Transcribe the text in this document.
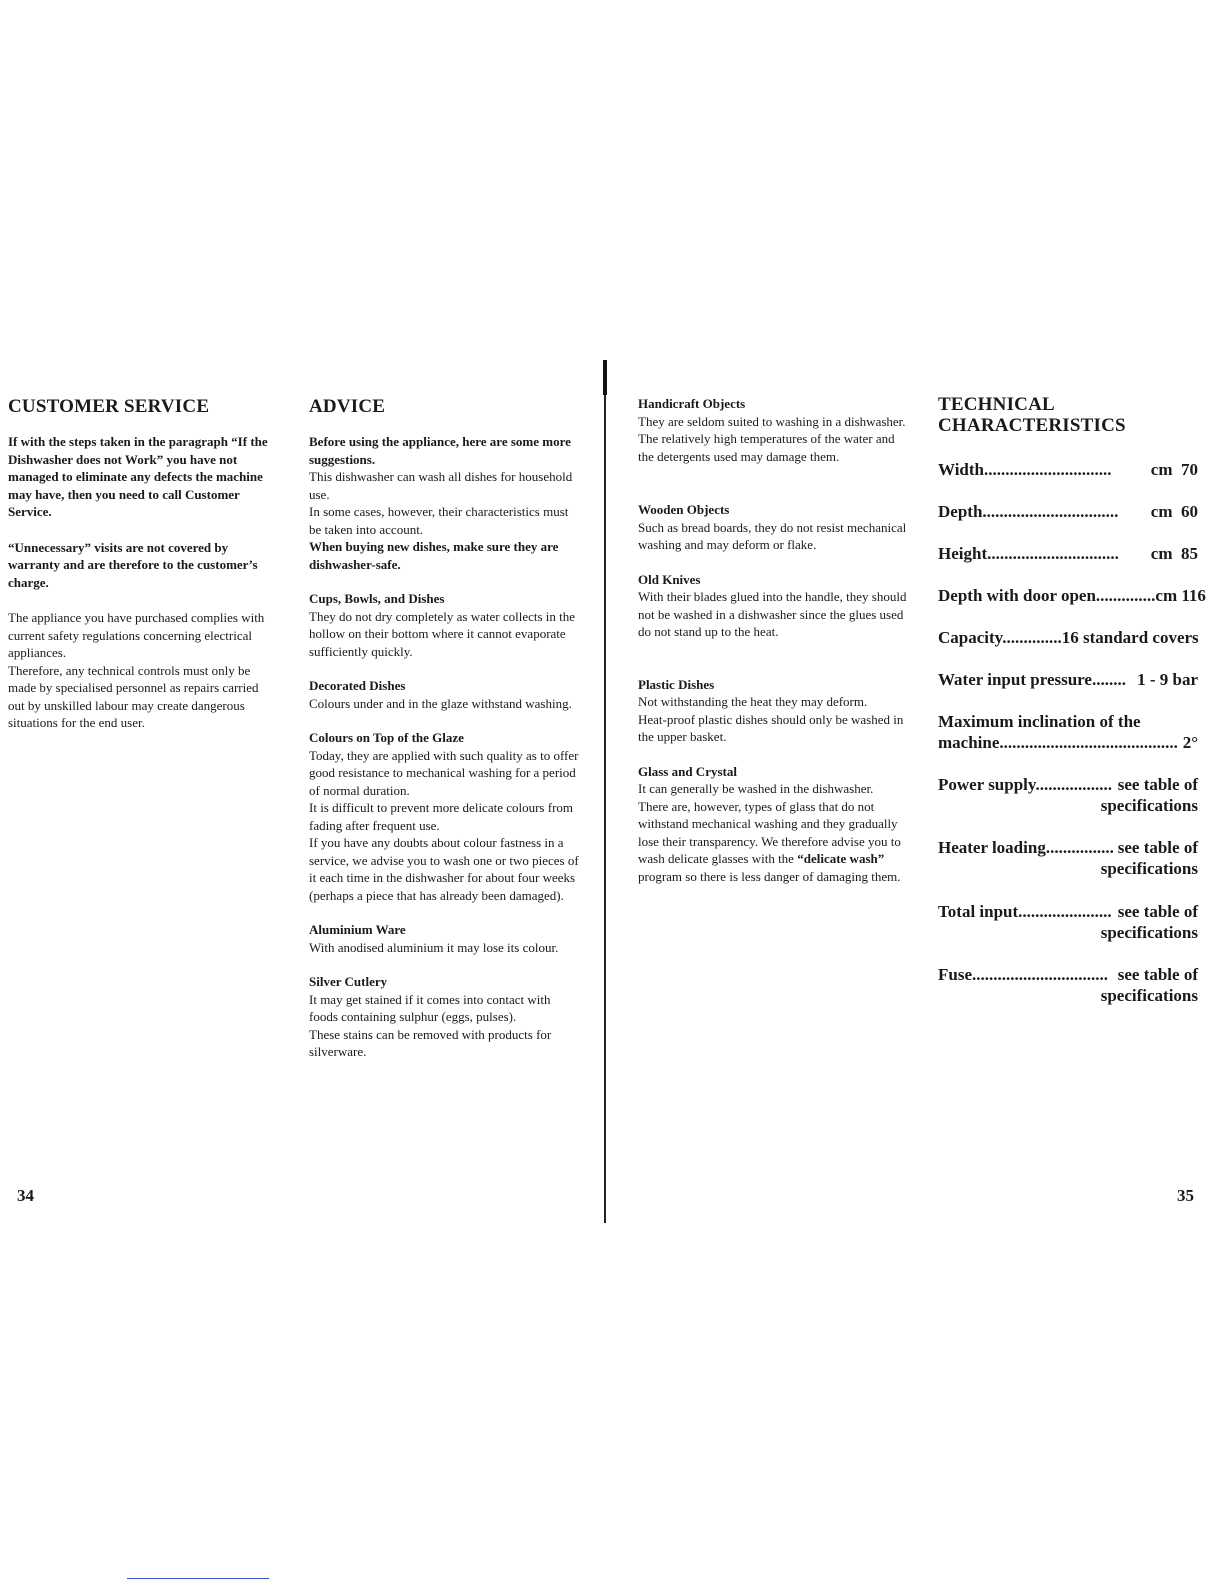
CUSTOMER SERVICE

If with the steps taken in the paragraph “If the Dishwasher does not Work” you have not managed to eliminate any defects the machine may have, then you need to call Customer Service.

“Unnecessary” visits are not covered by warranty and are therefore to the customer’s charge.

The appliance you have purchased complies with current safety regulations concerning electrical appliances.

Therefore, any technical controls must only be made by specialised personnel as repairs carried out by unskilled labour may create dangerous situations for the end user.

ADVICE

Before using the appliance, here are some more suggestions.

This dishwasher can wash all dishes for household use.

In some cases, however, their characteristics must be taken into account.

When buying new dishes, make sure they are dishwasher-safe.

Cups, Bowls, and Dishes

They do not dry completely as water collects in the hollow on their bottom where it cannot evaporate sufficiently quickly.

Decorated Dishes

Colours under and in the glaze withstand washing.

Colours on Top of the Glaze

Today, they are applied with such quality as to offer good resistance to mechanical washing for a period of normal duration.

It is difficult to prevent more delicate colours from fading after frequent use.

If you have any doubts about colour fastness in a service, we advise you to wash one or two pieces of it each time in the dishwasher for about four weeks (perhaps a piece that has already been damaged).

Aluminium Ware

With anodised aluminium it may lose its colour.

Silver Cutlery

It may get stained if it comes into contact with foods containing sulphur (eggs, pulses).

These stains can be removed with products for silverware.

34
Handicraft Objects

They are seldom suited to washing in a dishwasher.

The relatively high temperatures of the water and the detergents used may damage them.

Wooden Objects

Such as bread boards, they do not resist mechanical washing and may deform or flake.

Old Knives

With their blades glued into the handle, they should not be washed in a dishwasher since the glues used do not stand up to the heat.

Plastic Dishes

Not withstanding the heat they may deform.

Heat-proof plastic dishes should only be washed in the upper basket.

Glass and Crystal

It can generally be washed in the dishwasher.

There are, however, types of glass that do not withstand mechanical washing and they gradually lose their transparency. We therefore advise you to wash delicate glasses with the “delicate wash” program so there is less danger of damaging them.

TECHNICAL
CHARACTERISTICS
Width.............................. cm  70
Depth................................ cm  60
Height............................... cm  85
Depth with door open.............. cm 116
Capacity.............. 16 standard covers
Water input pressure........ 1 - 9 bar
Maximum inclination of the
machine.......................................... 2°
Power supply.................. see table of
specifications
Heater loading................ see table of
specifications
Total input...................... see table of
specifications
Fuse................................ see table of
specifications
35
